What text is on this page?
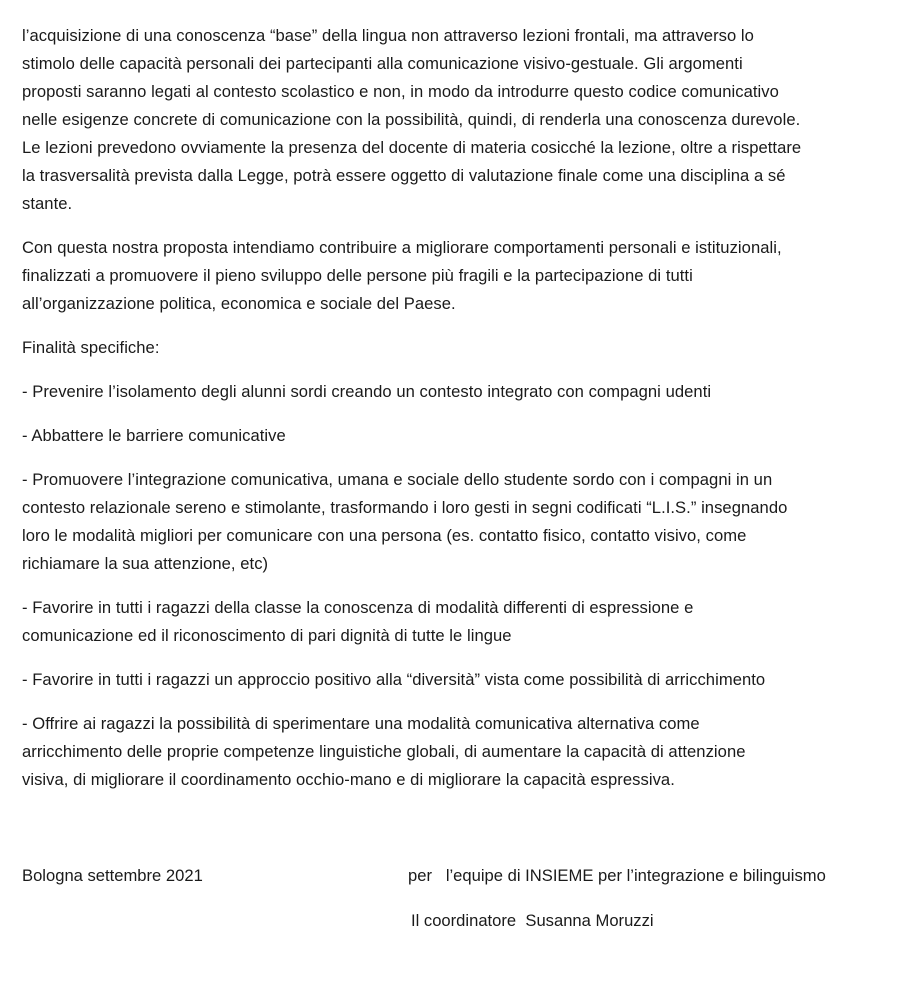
l’acquisizione di una conoscenza “base” della lingua non attraverso lezioni frontali, ma attraverso lo
stimolo delle capacità personali dei partecipanti alla comunicazione visivo-gestuale. Gli argomenti
proposti saranno legati al contesto scolastico e non, in modo da introdurre questo codice comunicativo
nelle esigenze concrete di comunicazione con la possibilità, quindi, di renderla una conoscenza durevole.
Le lezioni prevedono ovviamente la presenza del docente di materia cosicché la lezione, oltre a rispettare
la trasversalità prevista dalla Legge, potrà essere oggetto di valutazione finale come una disciplina a sé
stante.

Con questa nostra proposta intendiamo contribuire a migliorare comportamenti personali e istituzionali,
finalizzati a promuovere il pieno sviluppo delle persone più fragili e la partecipazione di tutti
all’organizzazione politica, economica e sociale del Paese.

Finalità specifiche:

- Prevenire l’isolamento degli alunni sordi creando un contesto integrato con compagni udenti

- Abbattere le barriere comunicative

- Promuovere l’integrazione comunicativa, umana e sociale dello studente sordo con i compagni in un
contesto relazionale sereno e stimolante, trasformando i loro gesti in segni codificati “L.I.S.” insegnando
loro le modalità migliori per comunicare con una persona (es. contatto fisico, contatto visivo, come
richiamare la sua attenzione, etc)

- Favorire in tutti i ragazzi della classe la conoscenza di modalità differenti di espressione e
comunicazione ed il riconoscimento di pari dignità di tutte le lingue

- Favorire in tutti i ragazzi un approccio positivo alla “diversità” vista come possibilità di arricchimento

- Offrire ai ragazzi la possibilità di sperimentare una modalità comunicativa alternativa come
arricchimento delle proprie competenze linguistiche globali, di aumentare la capacità di attenzione
visiva, di migliorare il coordinamento occhio-mano e di migliorare la capacità espressiva.

Bologna settembre 2021	per   l’equipe di INSIEME per l’integrazione e bilinguismo
Il coordinatore  Susanna Moruzzi
